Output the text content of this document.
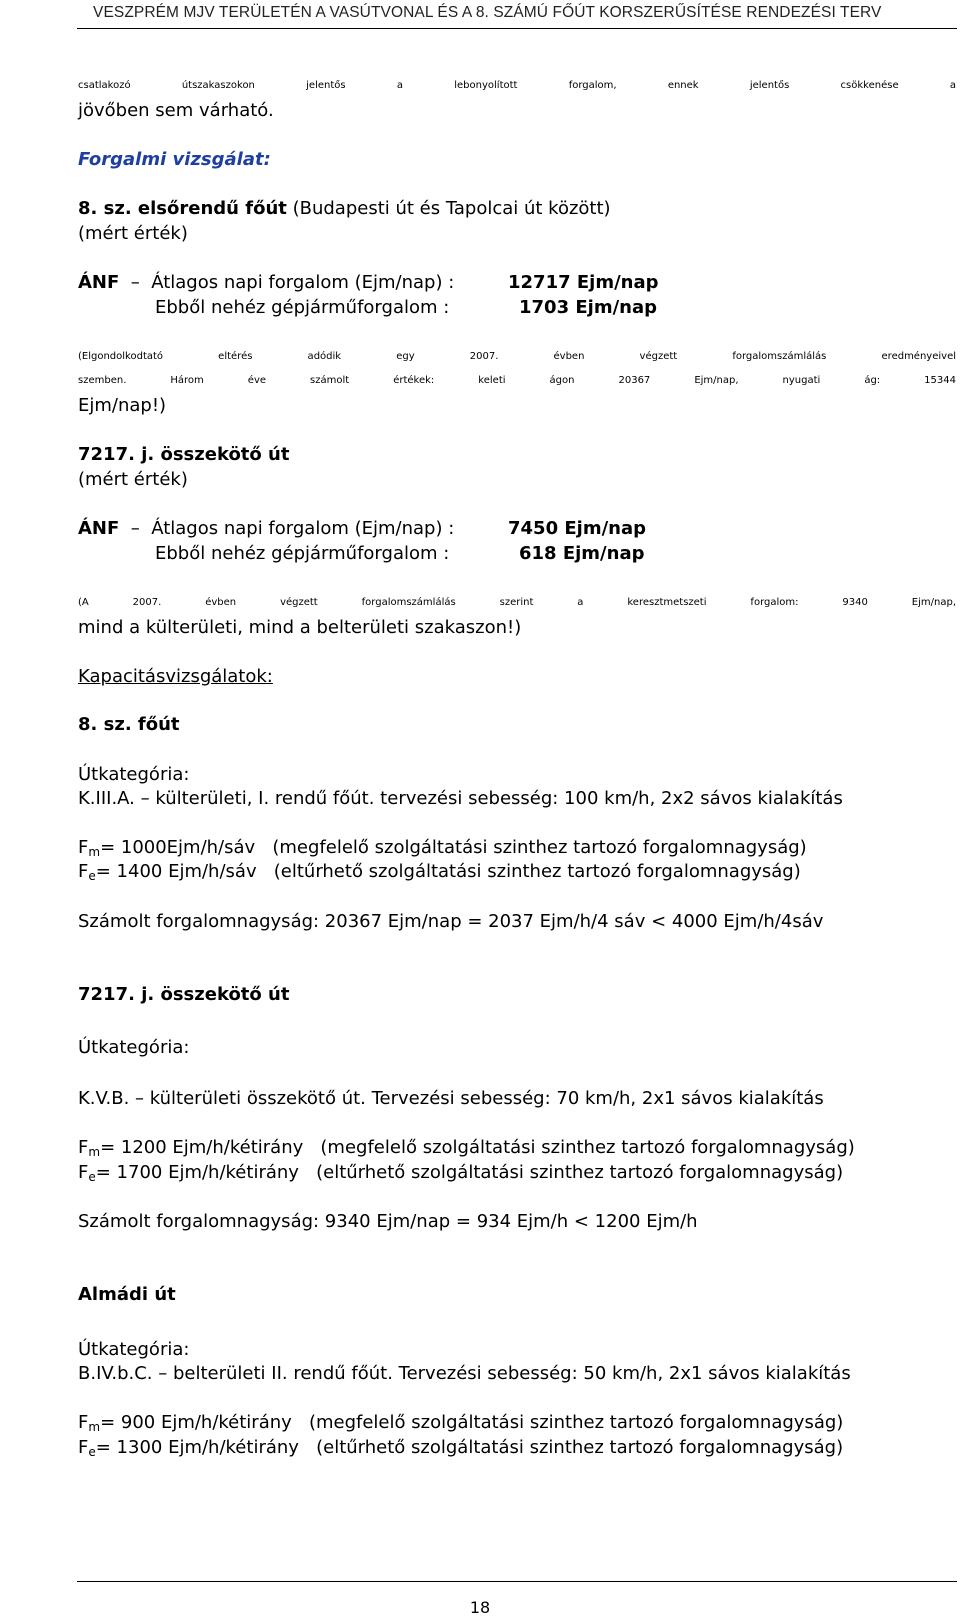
VESZPRÉM MJV TERÜLETÉN A VASÚTVONAL ÉS A 8. SZÁMÚ FŐÚT KORSZERŰSÍTÉSE RENDEZÉSI TERV
csatlakozó útszakaszokon jelentős a lebonyolított forgalom, ennek jelentős csökkenése a
jövőben sem várható.
Forgalmi vizsgálat:
8. sz. elsőrendű főút (Budapesti út és Tapolcai út között)
(mért érték)
ÁNF  –  Átlagos napi forgalom (Ejm/nap) :
Ebből nehéz gépjárműforgalom :
12717 Ejm/nap
1703 Ejm/nap
(Elgondolkodtató eltérés adódik egy 2007. évben végzett forgalomszámlálás eredményeivel
szemben. Három éve számolt értékek: keleti ágon 20367 Ejm/nap, nyugati ág: 15344
Ejm/nap!)
7217. j. összekötő út
(mért érték)
ÁNF  –  Átlagos napi forgalom (Ejm/nap) :
Ebből nehéz gépjárműforgalom :
7450 Ejm/nap
618 Ejm/nap
(A 2007. évben végzett forgalomszámlálás szerint a keresztmetszeti forgalom: 9340 Ejm/nap,
mind a külterületi, mind a belterületi szakaszon!)
Kapacitásvizsgálatok:
8. sz. főút
Útkategória:
K.III.A. – külterületi, I. rendű főút. tervezési sebesség: 100 km/h, 2x2 sávos kialakítás
$F_m=$ 1000Ejm/h/sáv   (megfelelő szolgáltatási szinthez tartozó forgalomnagyság)
$F_e= 1400$ Ejm/h/sáv   (eltűrhető szolgáltatási szinthez tartozó forgalomnagyság)
Számolt forgalomnagyság: 20367 Ejm/nap = 2037 Ejm/h/4 sáv < 4000 Ejm/h/4sáv
7217. j. összekötő út
Útkategória:
K.V.B. – külterületi összekötő út. Tervezési sebesség: 70 km/h, 2x1 sávos kialakítás
$F_m= 1200$ Ejm/h/kétirány   (megfelelő szolgáltatási szinthez tartozó forgalomnagyság)
$F_e= 1700$ Ejm/h/kétirány   (eltűrhető szolgáltatási szinthez tartozó forgalomnagyság)
Számolt forgalomnagyság: 9340 Ejm/nap = 934 Ejm/h < 1200 Ejm/h
Almádi út
Útkategória:
B.IV.b.C. – belterületi II. rendű főút. Tervezési sebesség: 50 km/h, 2x1 sávos kialakítás
$F_m= 900$ Ejm/h/kétirány   (megfelelő szolgáltatási szinthez tartozó forgalomnagyság)
$F_e= 1300$ Ejm/h/kétirány   (eltűrhető szolgáltatási szinthez tartozó forgalomnagyság)
18
